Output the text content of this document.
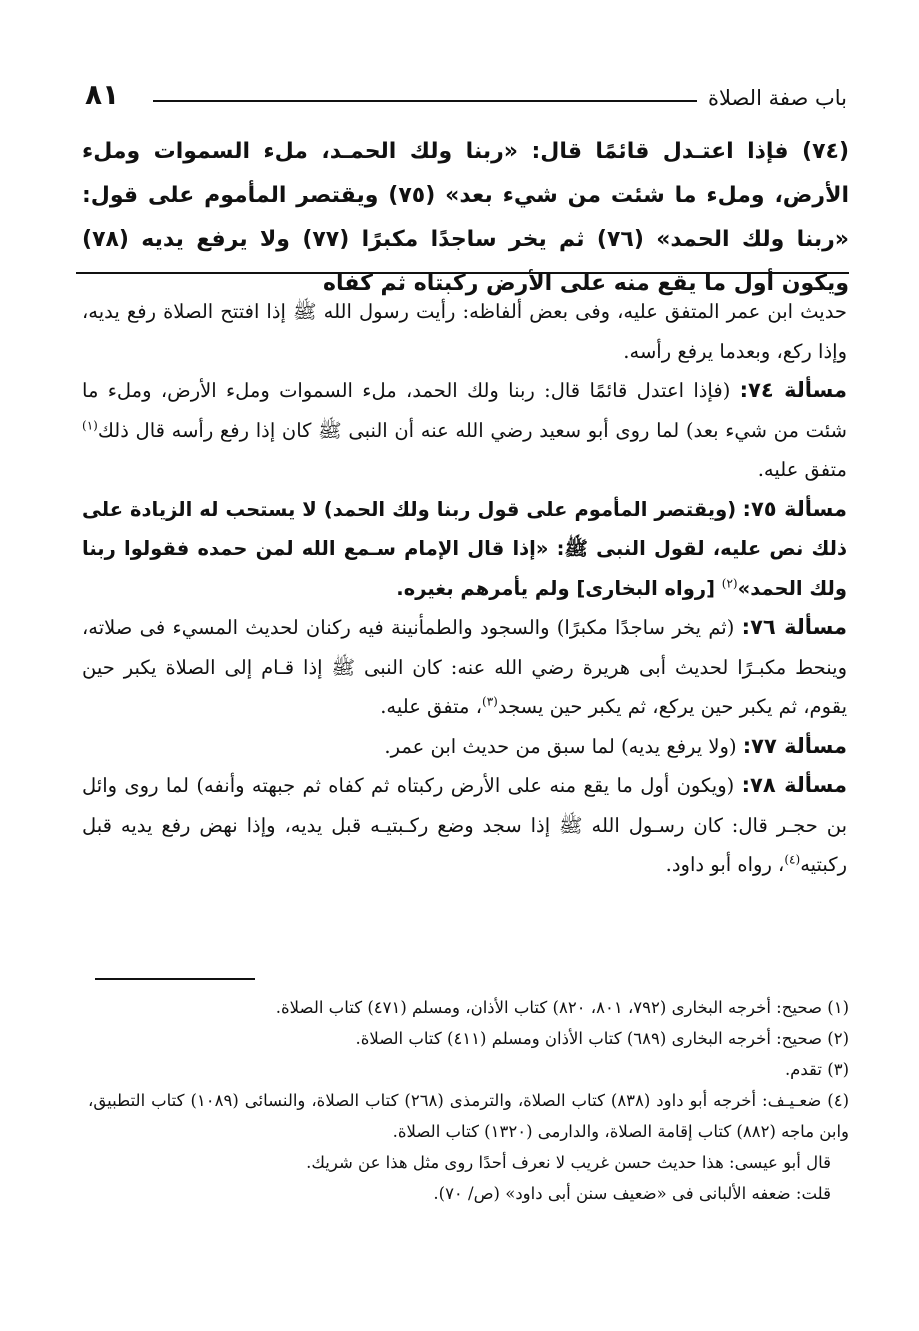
٨١	باب صفة الصلاة
(٧٤) فإذا اعتـدل قائمًا قال: «ربنا ولك الحمـد، ملء السموات وملء الأرض، وملء ما شئت من شيء بعد» (٧٥) ويقتصر المأموم على قول: «ربنا ولك الحمد» (٧٦) ثم يخر ساجدًا مكبرًا (٧٧) ولا يرفع يديه (٧٨) ويكون أول ما يقع منه على الأرض ركبتاه ثم كفاه

حديث ابن عمر المتفق عليه، وفى بعض ألفاظه: رأيت رسول الله ﷺ إذا افتتح الصلاة رفع يديه، وإذا ركع، وبعدما يرفع رأسه.

مسألة ٧٤: (فإذا اعتدل قائمًا قال: ربنا ولك الحمد، ملء السموات وملء الأرض، وملء ما شئت من شيء بعد) لما روى أبو سعيد رضي الله عنه أن النبى ﷺ كان إذا رفع رأسه قال ذلك$^{(١)}$ متفق عليه.

مسألة ٧٥: (ويقتصر المأموم على قول ربنا ولك الحمد) لا يستحب له الزيادة على ذلك نص عليه، لقول النبى ﷺ: «إذا قال الإمام سـمع الله لمن حمده فقولوا ربنا ولك الحمد»$^{(٢)}$ [رواه البخارى] ولم يأمرهم بغيره.

مسألة ٧٦: (ثم يخر ساجدًا مكبرًا) والسجود والطمأنينة فيه ركنان لحديث المسيء فى صلاته، وينحط مكبـرًا لحديث أبى هريرة رضي الله عنه: كان النبى ﷺ إذا قـام إلى الصلاة يكبر حين يقوم، ثم يكبر حين يركع، ثم يكبر حين يسجد$^{(٣)}$، متفق عليه.

مسألة ٧٧: (ولا يرفع يديه) لما سبق من حديث ابن عمر.

مسألة ٧٨: (ويكون أول ما يقع منه على الأرض ركبتاه ثم كفاه ثم جبهته وأنفه) لما روى وائل بن حجـر قال: كان رسـول الله ﷺ إذا سجد وضع ركـبتيـه قبل يديه، وإذا نهض رفع يديه قبل ركبتيه$^{(٤)}$، رواه أبو داود.

(١) صحيح: أخرجه البخارى (٧٩٢، ٨٠١، ٨٢٠) كتاب الأذان، ومسلم (٤٧١) كتاب الصلاة.

(٢) صحيح: أخرجه البخارى (٦٨٩) كتاب الأذان ومسلم (٤١١) كتاب الصلاة.

(٣) تقدم.

(٤) ضعـيـف: أخرجه أبو داود (٨٣٨) كتاب الصلاة، والترمذى (٢٦٨) كتاب الصلاة، والنسائى (١٠٨٩) كتاب التطبيق، وابن ماجه (٨٨٢) كتاب إقامة الصلاة، والدارمى (١٣٢٠) كتاب الصلاة.

قال أبو عيسى: هذا حديث حسن غريب لا نعرف أحدًا روى مثل هذا عن شريك.

قلت: ضعفه الألبانى فى «ضعيف سنن أبى داود» (ص/ ٧٠).
